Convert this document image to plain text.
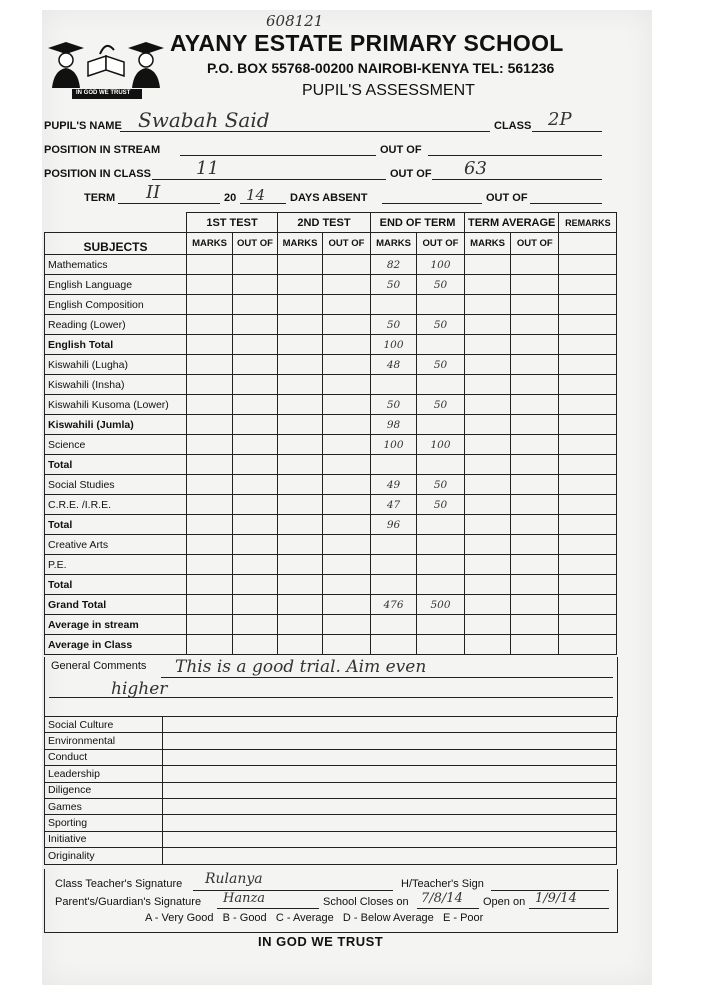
608121
IN GOD WE TRUST
AYANY ESTATE PRIMARY SCHOOL
P.O. BOX 55768-00200 NAIROBI-KENYA TEL: 561236
PUPIL'S ASSESSMENT
PUPIL'S NAME Swabah Said	CLASS 2P
POSITION IN STREAM	OUT OF
POSITION IN CLASS	11	OUT OF 63
TERM II	20 14 DAYS ABSENT	OUT OF
	1ST TEST		2ND TEST		END OF TERM		TERM AVERAGE		REMARKS
SUBJECTS	MARKS	OUT OF	MARKS	OUT OF	MARKS	OUT OF	MARKS	OUT OF	
Mathematics					82	100			
English Language					50	50			
English Composition									
Reading (Lower)					50	50			
English Total					100				
Kiswahili (Lugha)					48	50			
Kiswahili (Insha)									
Kiswahili Kusoma (Lower)					50	50			
Kiswahili (Jumla)					98				
Science					100	100			
Total									
Social Studies					49	50			
C.R.E. /I.R.E.					47	50			
Total					96				
Creative Arts									
P.E.									
Total									
Grand Total					476	500			
Average in stream									
Average in Class									
General Comments This is a good trial. Aim even
higher
Social Culture	
Environmental	
Conduct	
Leadership	
Diligence	
Games	
Sporting	
Initiative	
Originality	
Class Teacher's Signature Rulanya	H/Teacher's Sign
Parent's/Guardian's Signature Hanza	School Closes on 7/8/14 Open on 1/9/14
A - Very Good   B - Good   C - Average   D - Below Average   E - Poor
IN GOD WE TRUST
